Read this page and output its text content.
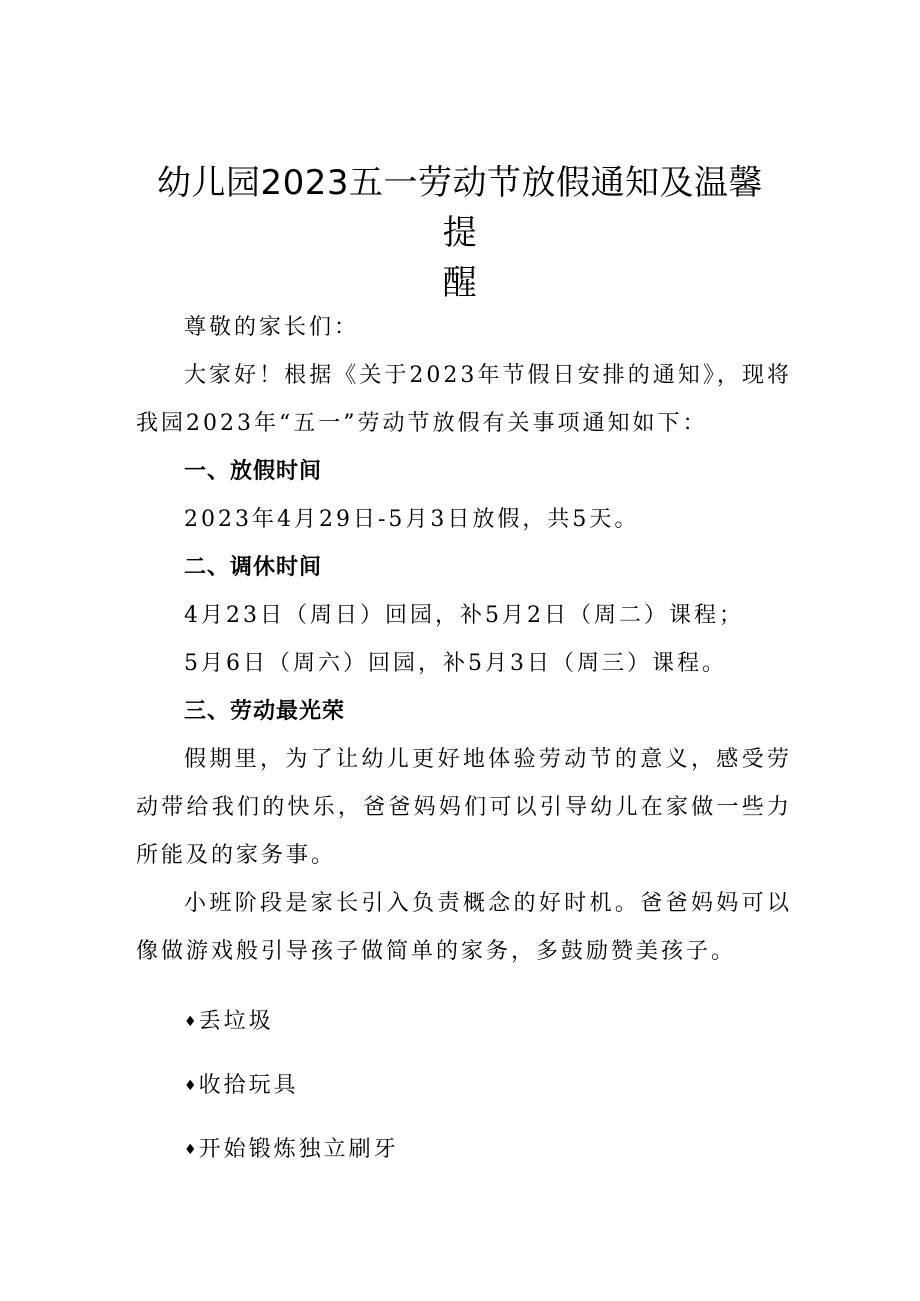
幼儿园2023五一劳动节放假通知及温馨提
醒

尊敬的家长们：

大家好！根据《关于2023年节假日安排的通知》，现将我园2023年“五一”劳动节放假有关事项通知如下：

一、放假时间

2023年4月29日-5月3日放假，共5天。

二、调休时间

4月23日（周日）回园，补5月2日（周二）课程；

5月6日（周六）回园，补5月3日（周三）课程。

三、劳动最光荣

假期里，为了让幼儿更好地体验劳动节的意义，感受劳动带给我们的快乐，爸爸妈妈们可以引导幼儿在家做一些力所能及的家务事。

小班阶段是家长引入负责概念的好时机。爸爸妈妈可以像做游戏般引导孩子做简单的家务，多鼓励赞美孩子。

♦丢垃圾

♦收拾玩具

♦开始锻炼独立刷牙
